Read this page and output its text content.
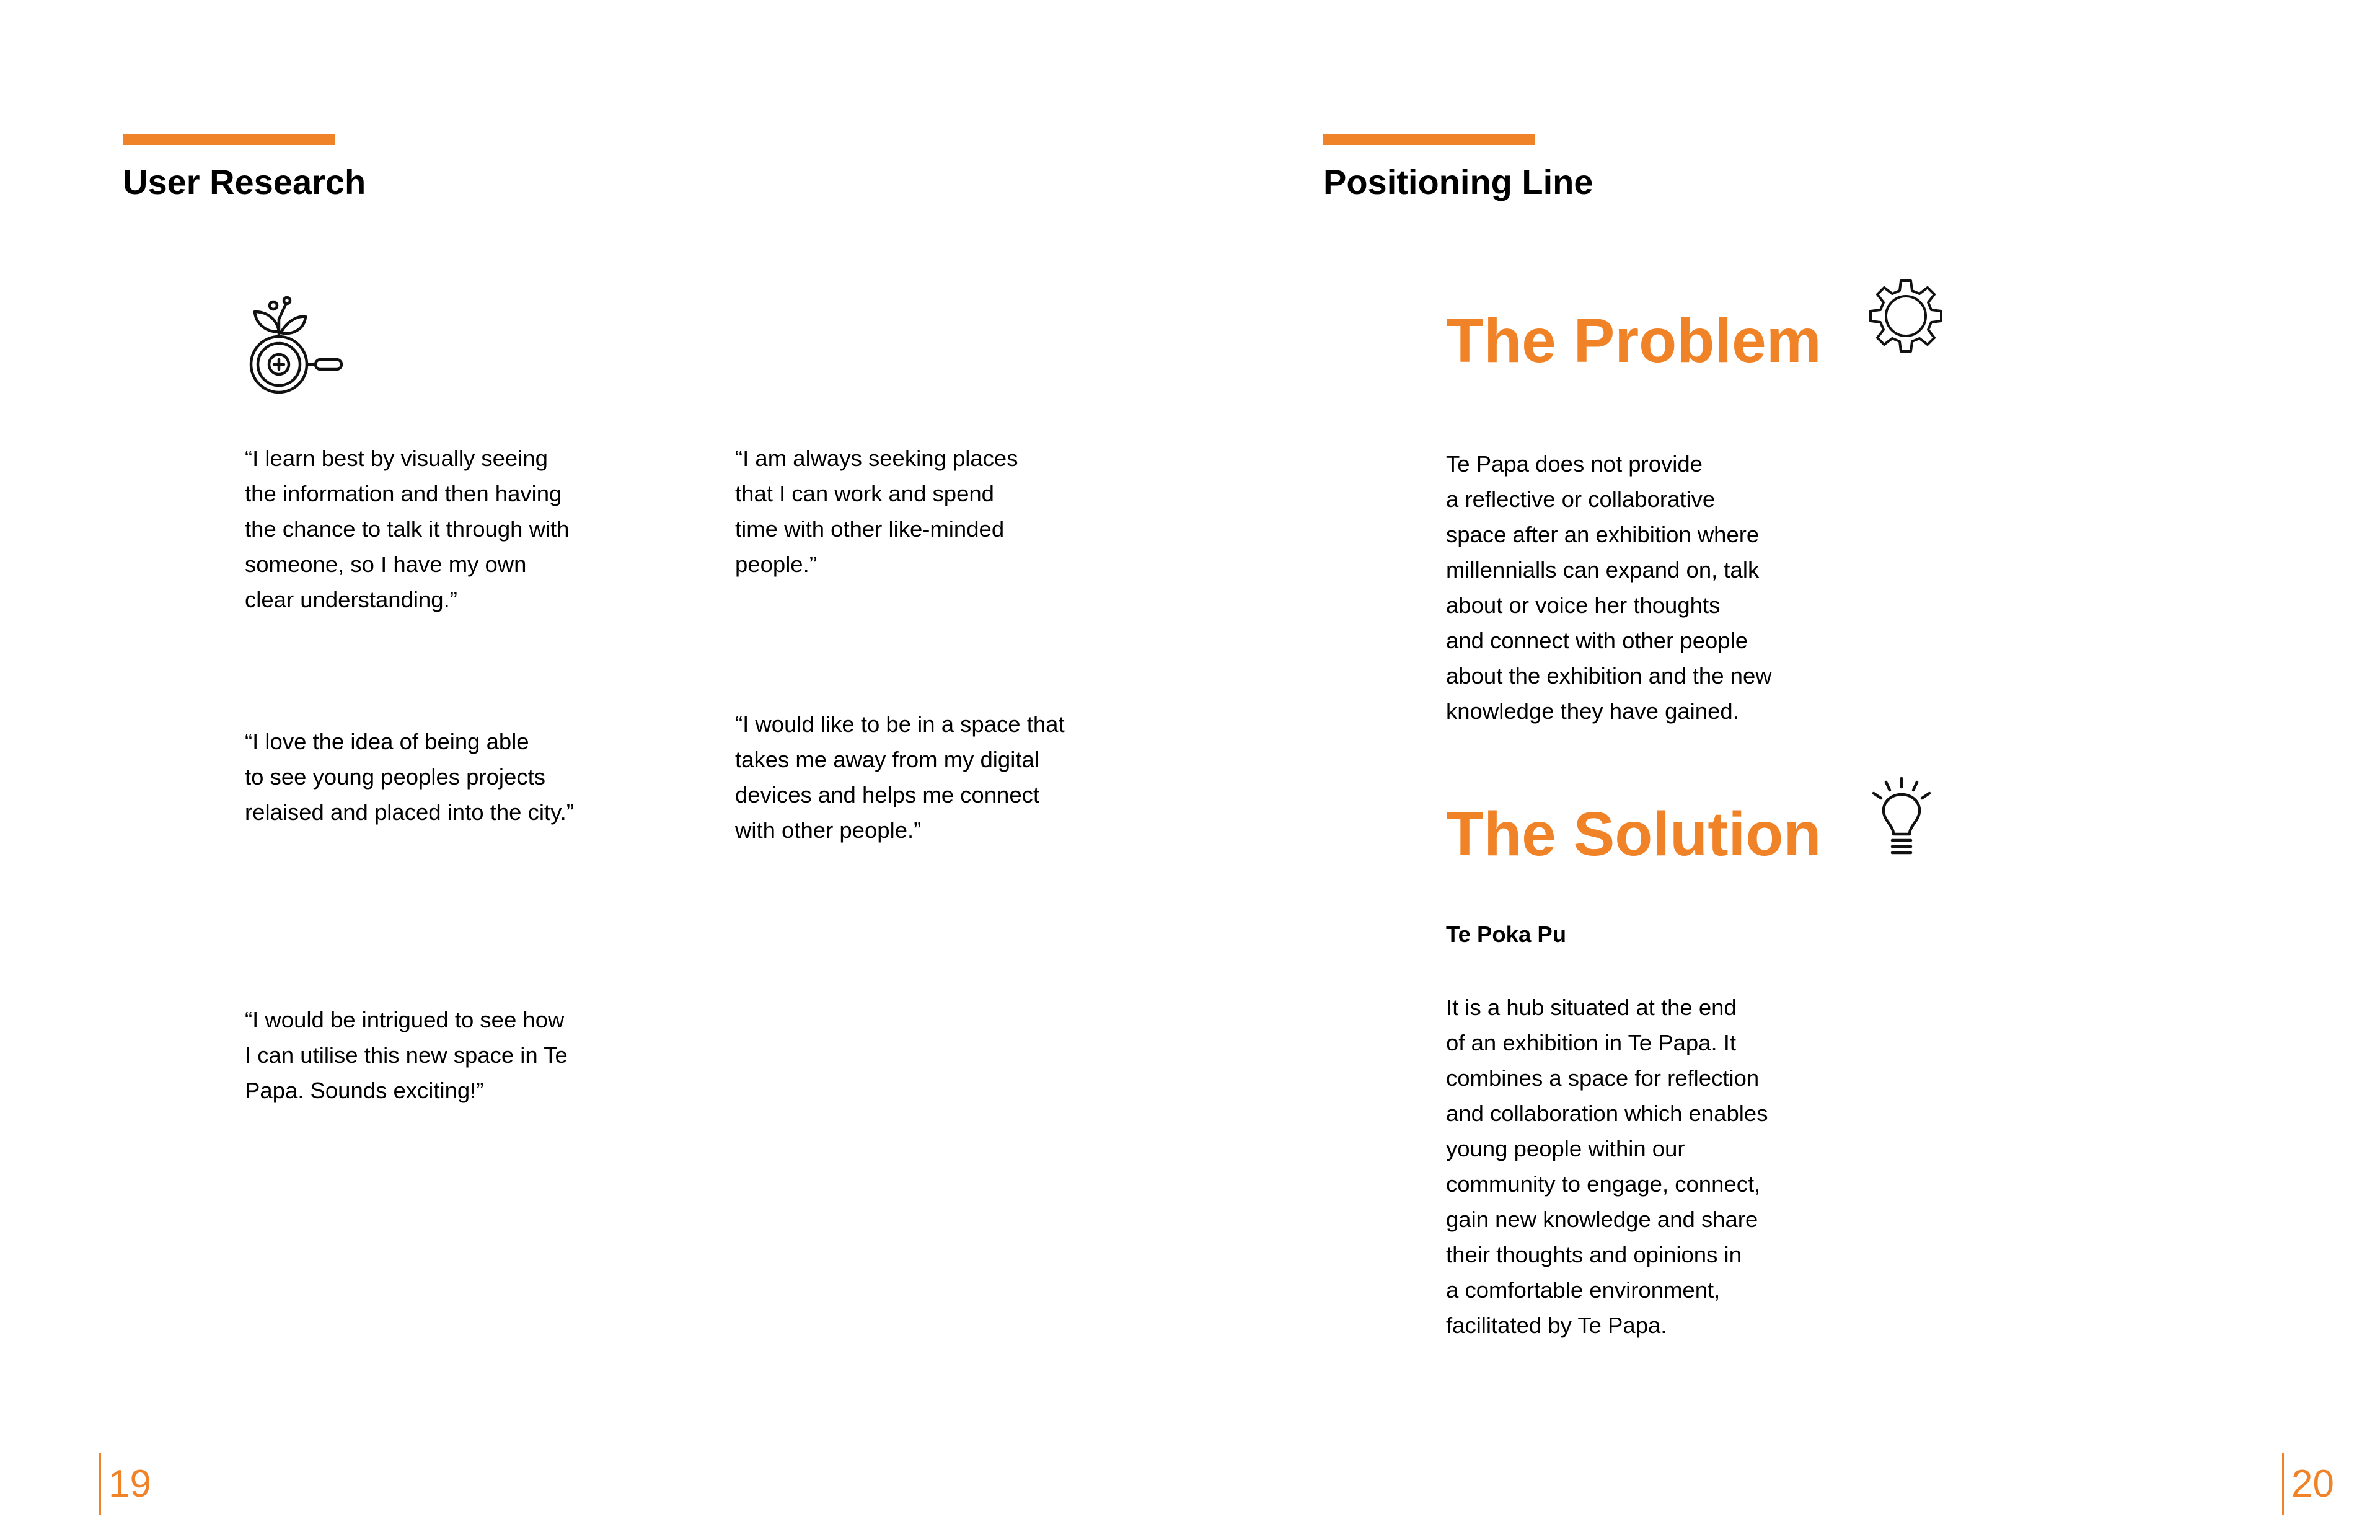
User Research
“I learn best by visually seeing
the information and then having
the chance to talk it through with
someone, so I have my own
clear understanding.”
“I am always seeking places
that I can work and spend
time with other like-minded
people.”
“I love the idea of being able
to see young peoples projects
relaised and placed into the city.”
“I would like to be in a space that
takes me away from my digital
devices and helps me connect
with other people.”
“I would be intrigued to see how
I can utilise this new space in Te
Papa. Sounds exciting!”
19
Positioning Line
The Problem
Te Papa does not provide
a reflective or collaborative
space after an exhibition where
millennialls can expand on, talk
about or voice her thoughts
and connect with other people
about the exhibition and the new
knowledge they have gained.
The Solution
Te Poka Pu
It is a hub situated at the end
of an exhibition in Te Papa. It
combines a space for reflection
and collaboration which enables
young people within our
community to engage, connect,
gain new knowledge and share
their thoughts and opinions in
a comfortable environment,
facilitated by Te Papa.
20
